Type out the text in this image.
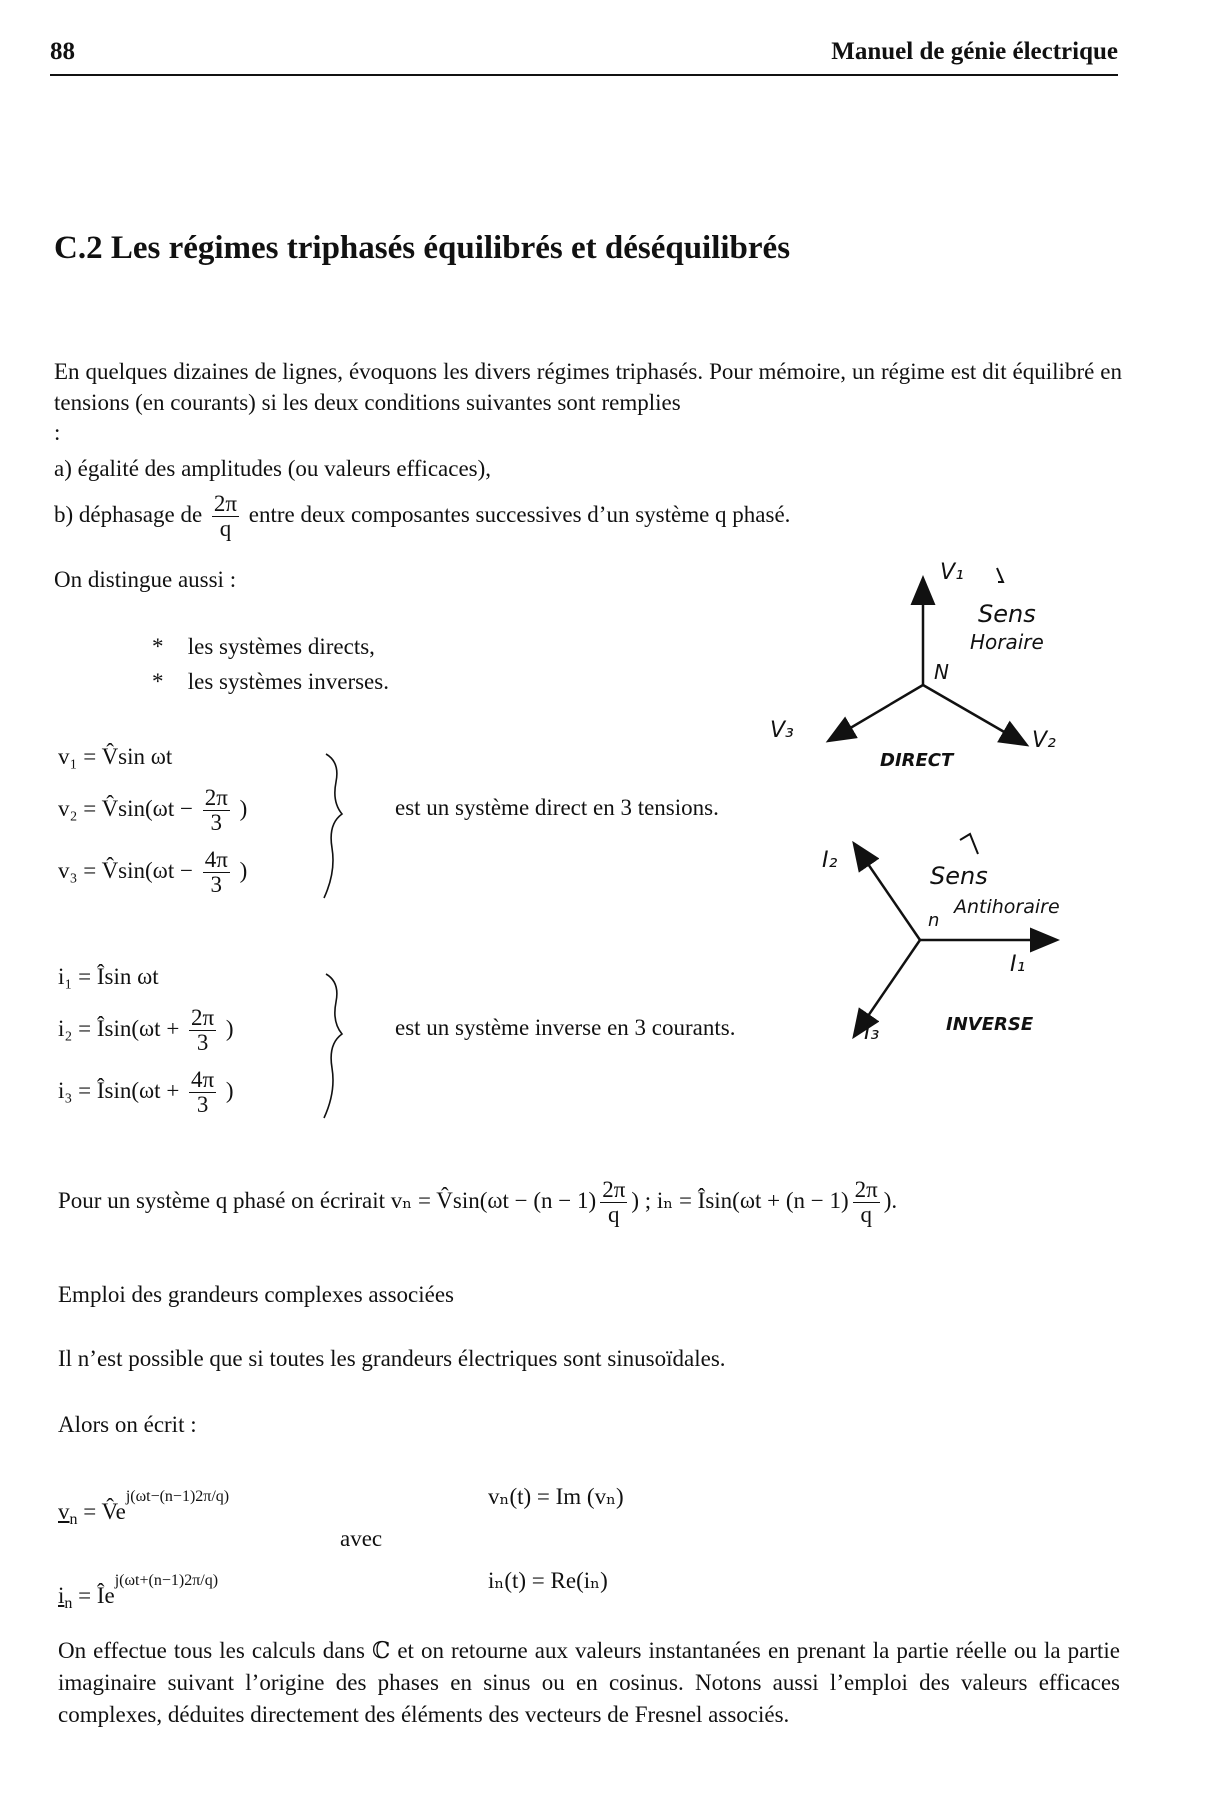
88	Manuel de génie électrique
C.2 Les régimes triphasés équilibrés et déséquilibrés
En quelques dizaines de lignes, évoquons les divers régimes triphasés. Pour mémoire, un régime est dit équilibré en tensions (en courants) si les deux conditions suivantes sont remplies
:
a) égalité des amplitudes (ou valeurs efficaces),
b) déphasage de $\frac{2\pi}{q}$ entre deux composantes successives d’un système q phasé.
On distingue aussi :
* les systèmes directs,
* les systèmes inverses.
v₁ = V̂sin ωt
v₂ = V̂sin(ωt − $\frac{2\pi}{3}$ )
v₃ = V̂sin(ωt − $\frac{4\pi}{3}$ )
est un système direct en 3 tensions.
i₁ = Îsin ωt
i₂ = Îsin(ωt + $\frac{2\pi}{3}$ )
i₃ = Îsin(ωt + $\frac{4\pi}{3}$ )
est un système inverse en 3 courants.
V₁
V₂
V₃
N
Sens
Horaire
DIRECT
I₂
I₁
I₃
n
Sens
Antihoraire
INVERSE
Pour un système q phasé on écrirait vₙ = V̂sin(ωt − $(n - 1) \frac{2\pi}{q}$ ) ; iₙ = Îsin(ωt + $(n - 1) \frac{2\pi}{q}$ ).
Emploi des grandeurs complexes associées
Il n’est possible que si toutes les grandeurs électriques sont sinusoïdales.
Alors on écrit :
$v_n$ = $V̂e^{j(\omega t-(n-1)2\pi/q)}$
$i_n$ = $Îe^{j(\omega t+(n-1)2\pi/q)}$
avec
vₙ(t) = Im (vₙ)
iₙ(t) = Re(iₙ)
On effectue tous les calculs dans ℂ et on retourne aux valeurs instantanées en prenant la partie réelle ou la partie imaginaire suivant l’origine des phases en sinus ou en cosinus. Notons aussi l’emploi des valeurs efficaces complexes, déduites directement des éléments des vecteurs de Fresnel associés.
